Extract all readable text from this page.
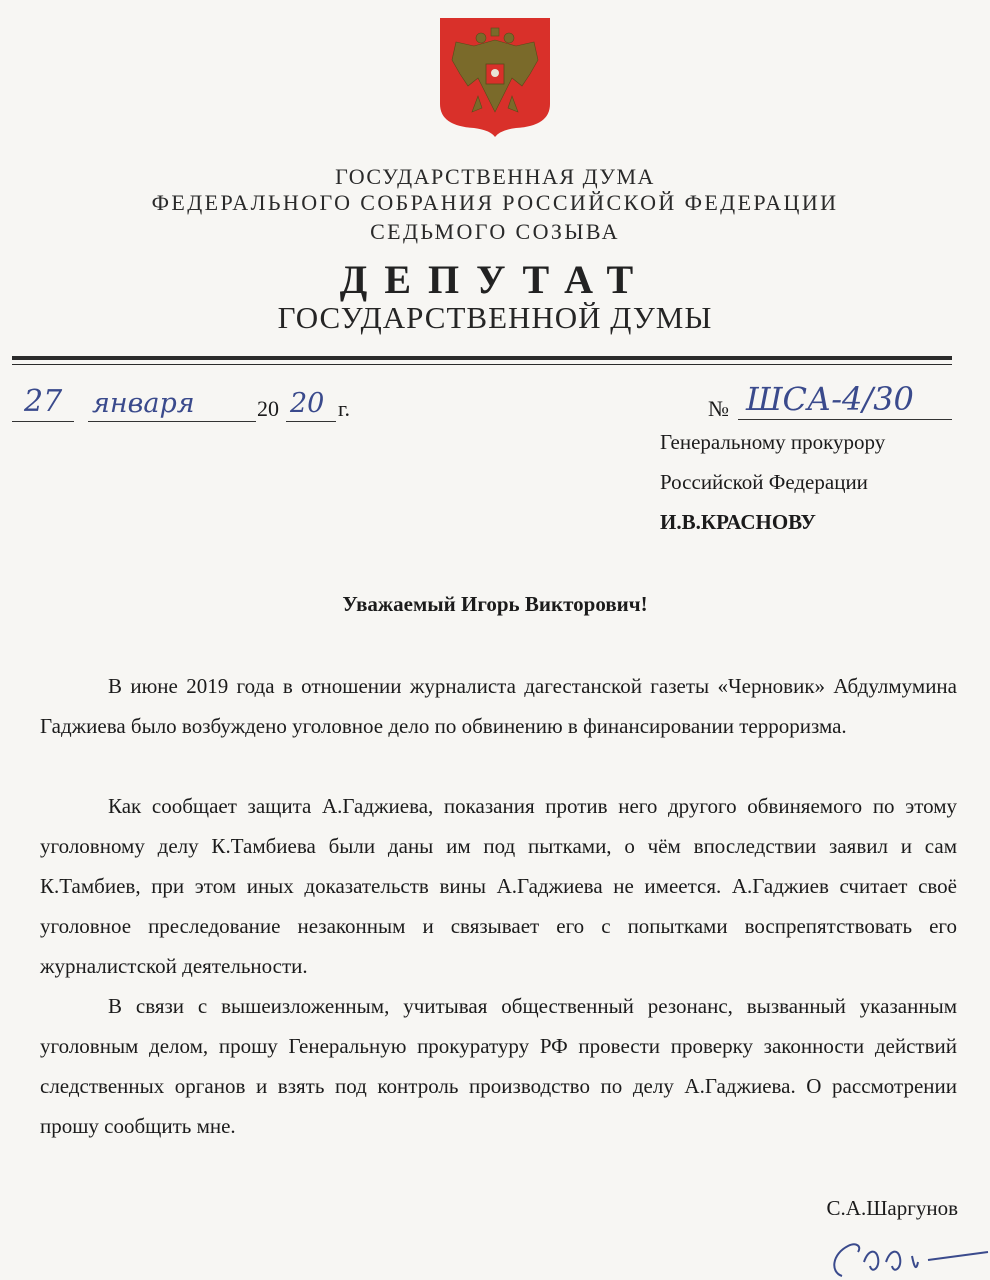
ГОСУДАРСТВЕННАЯ ДУМА
ФЕДЕРАЛЬНОГО СОБРАНИЯ РОССИЙСКОЙ ФЕДЕРАЦИИ
СЕДЬМОГО СОЗЫВА
ДЕПУТАТ
ГОСУДАРСТВЕННОЙ ДУМЫ
27 января	20 20 г.	№ ШСА-4/30
Генеральному прокурору
Российской Федерации
И.В.КРАСНОВУ
Уважаемый Игорь Викторович!

В июне 2019 года в отношении журналиста дагестанской газеты «Черновик» Абдулмумина Гаджиева было возбуждено уголовное дело по обвинению в финансировании терроризма.

Как сообщает защита А.Гаджиева, показания против него другого обвиняемого по этому уголовному делу К.Тамбиева были даны им под пытками, о чём впоследствии заявил и сам К.Тамбиев, при этом иных доказательств вины А.Гаджиева не имеется. А.Гаджиев считает своё уголовное преследование незаконным и связывает его с попытками воспрепятствовать его журналистской деятельности.

В связи с вышеизложенным, учитывая общественный резонанс, вызванный указанным уголовным делом, прошу Генеральную прокуратуру РФ провести проверку законности действий следственных органов и взять под контроль производство по делу А.Гаджиева. О рассмотрении прошу сообщить мне.

С.А.Шаргунов
